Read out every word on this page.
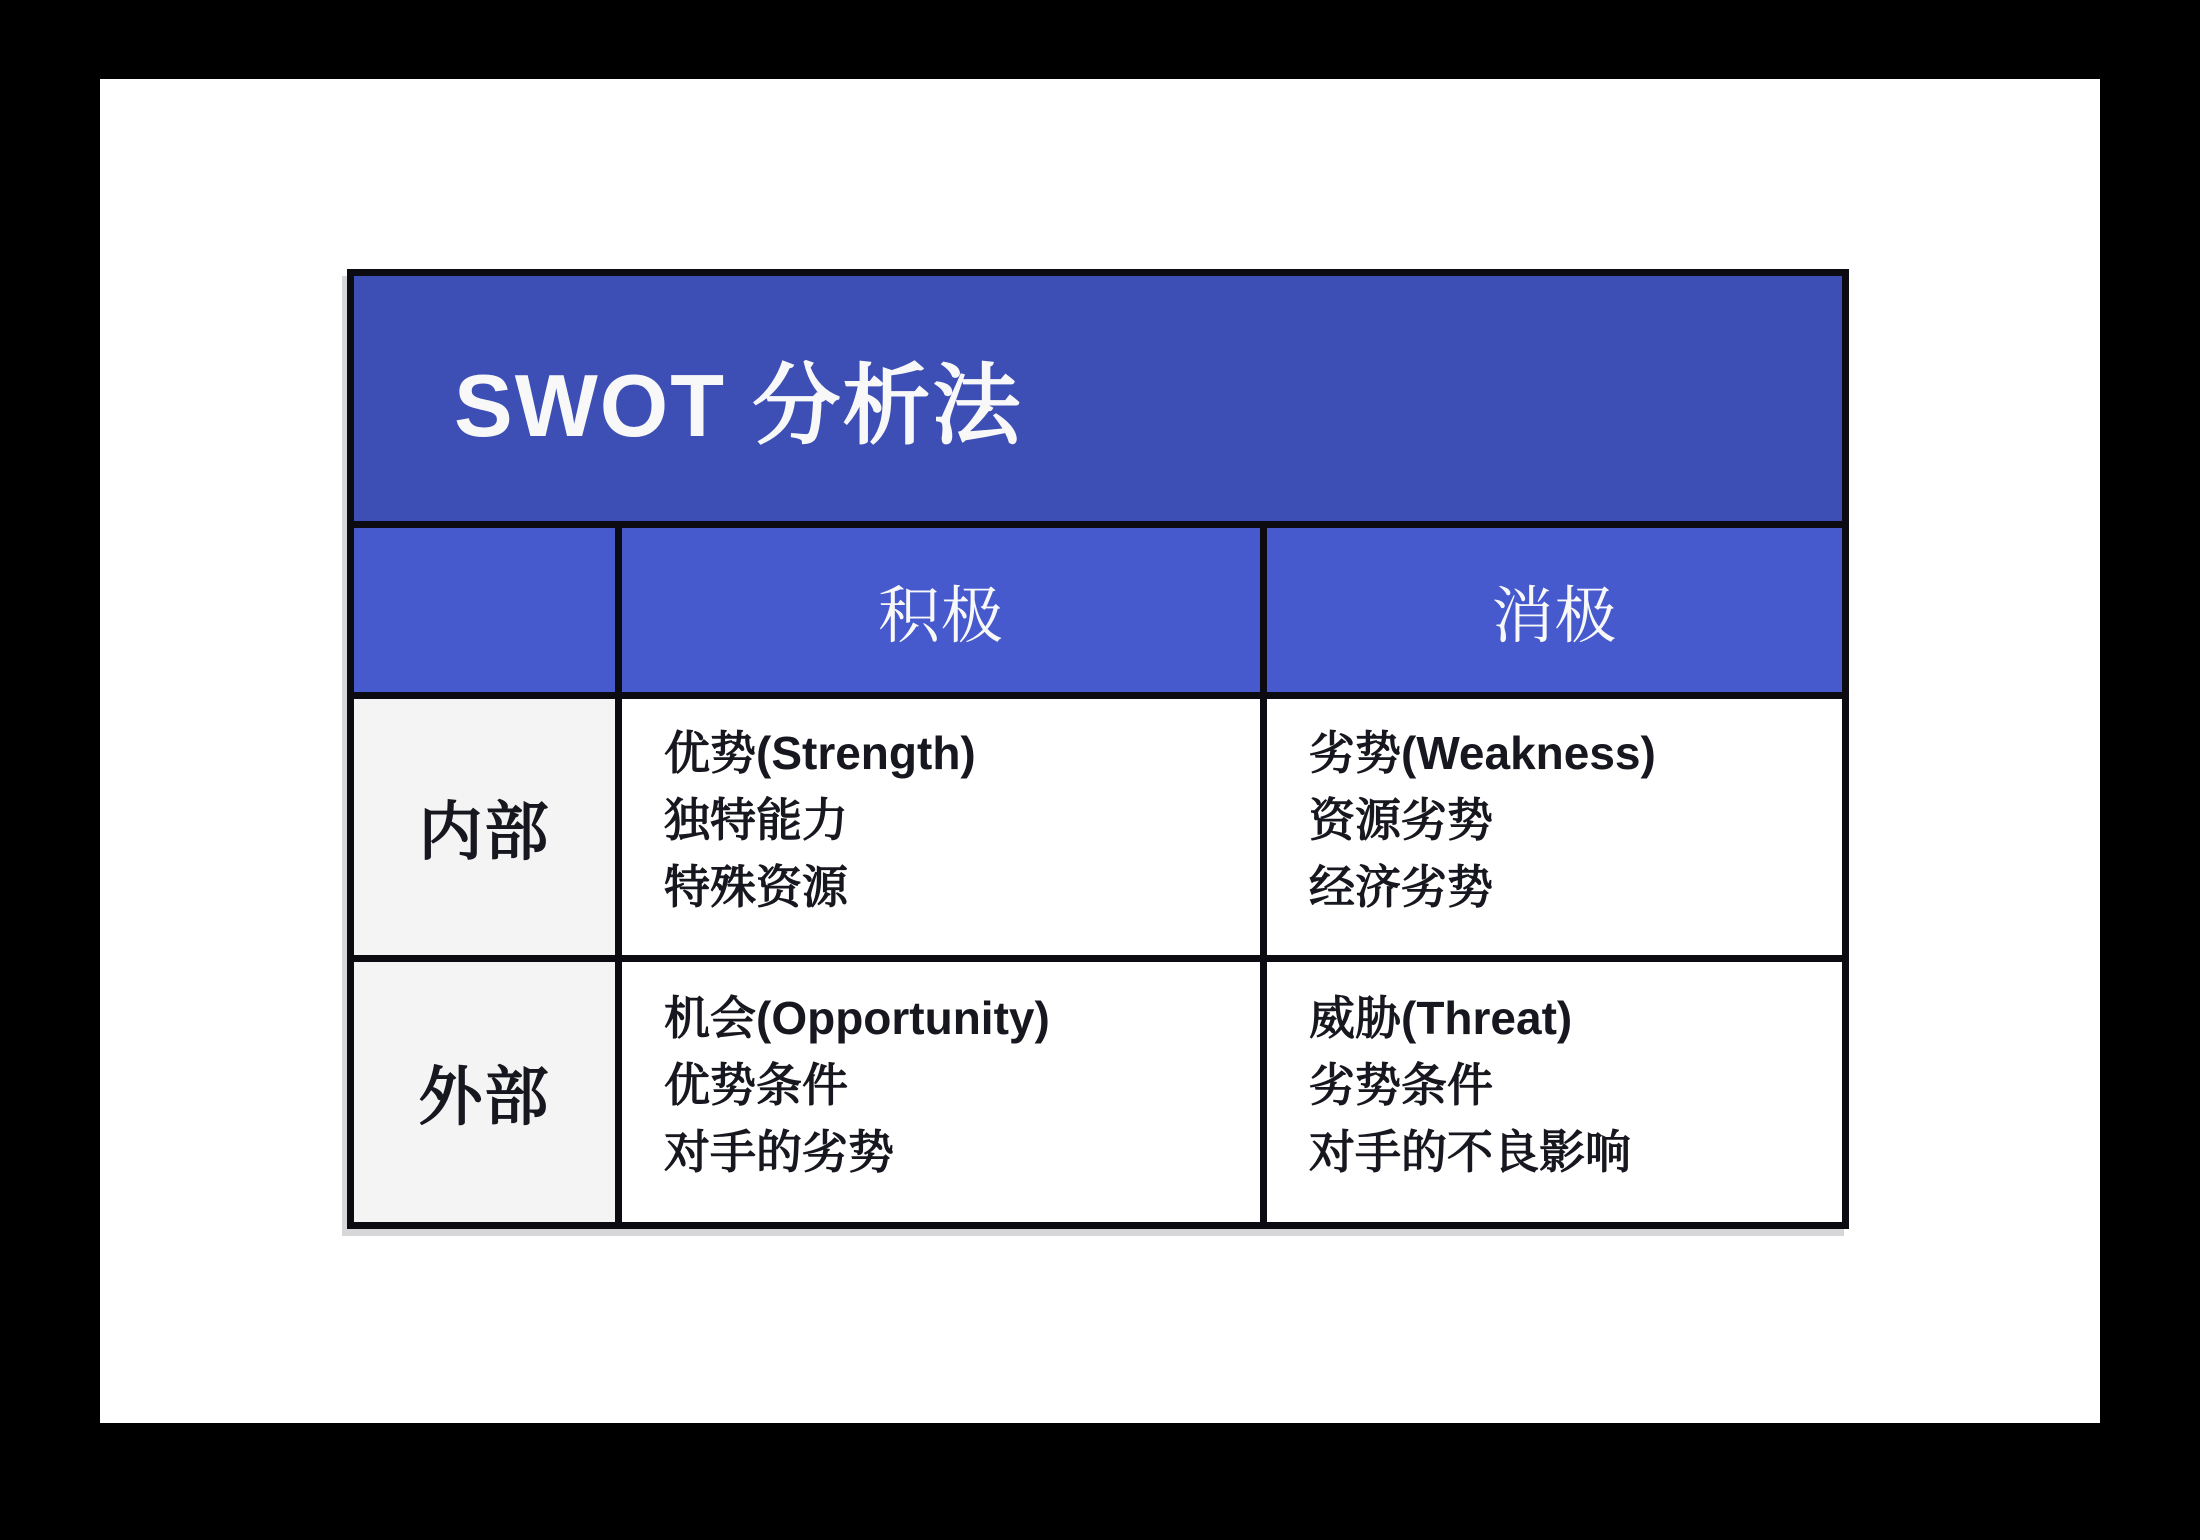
SWOT 分析法
积极	消极
内部
优势(Strength)
独特能力
特殊资源
劣势(Weakness)
资源劣势
经济劣势
外部
机会(Opportunity)
优势条件
对手的劣势
威胁(Threat)
劣势条件
对手的不良影响
